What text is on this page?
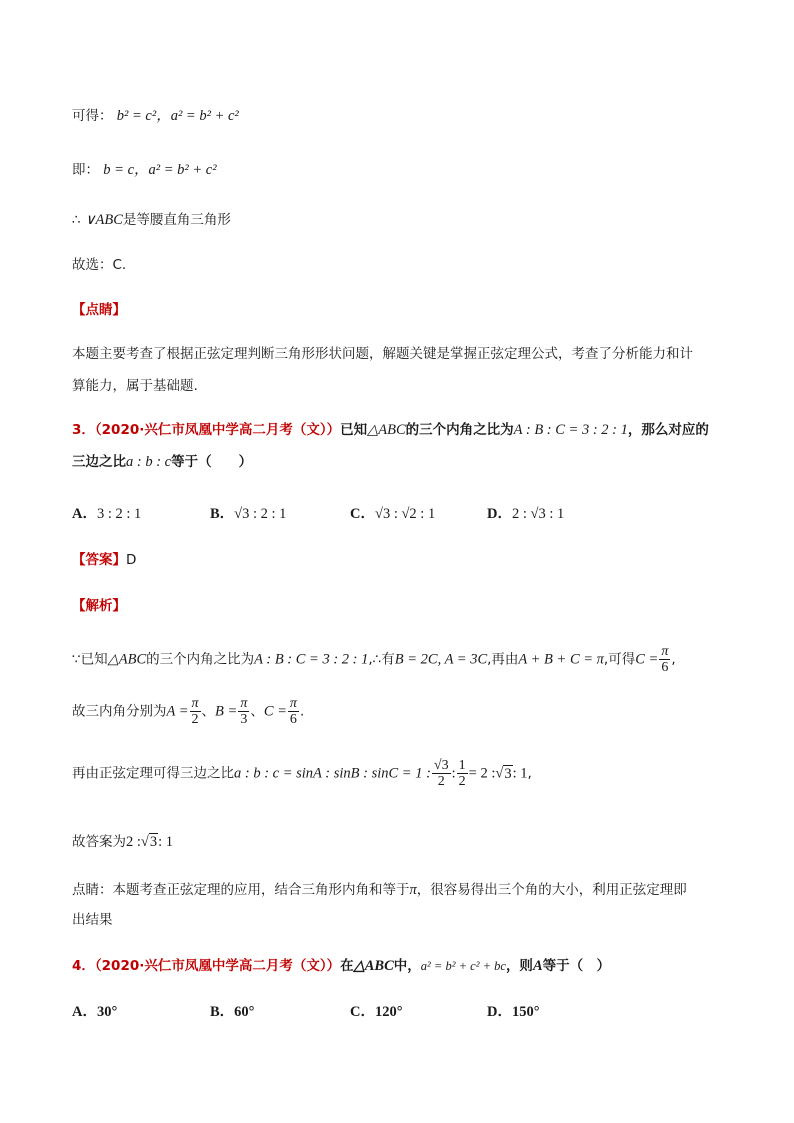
可得： b² = c²，a² = b² + c²
即： b = c，a² = b² + c²
∴ ∨ABC是等腰直角三角形
故选：C.
【点睛】
本题主要考查了根据正弦定理判断三角形形状问题，解题关键是掌握正弦定理公式，考查了分析能力和计
算能力，属于基础题.
3．（2020·兴仁市凤凰中学高二月考（文））已知△ABC的三个内角之比为A : B : C = 3 : 2 : 1，那么对应的
三边之比a : b : c等于（　　）
A．3 : 2 : 1	B．√3 : 2 : 1	C．√3 : √2 : 1	D．2 : √3 : 1
【答案】D
【解析】
∵已知△ABC的三个内角之比为A : B : C = 3 : 2 : 1,∴有B = 2C, A = 3C,再由A + B + C = π,可得$C = \frac{\pi}{6}$ ,
故三内角分别为$A = \frac{\pi}{2}$ 、$B = \frac{\pi}{3}$ 、$C = \frac{\pi}{6}$ .
再由正弦定理可得三边之比a : b : c = sinA : sinB : sinC = 1 : $\frac{√3}{2}$ : $\frac{1}{2} = 2$ :√3: 1,
故答案为2 :√3: 1
点睛：本题考查正弦定理的应用，结合三角形内角和等于π，很容易得出三个角的大小，利用正弦定理即
出结果
4．（2020·兴仁市凤凰中学高二月考（文））在△ABC中，a² = b² + c² + bc，则A等于（　）
A．30°	B．60°	C．120°	D．150°
